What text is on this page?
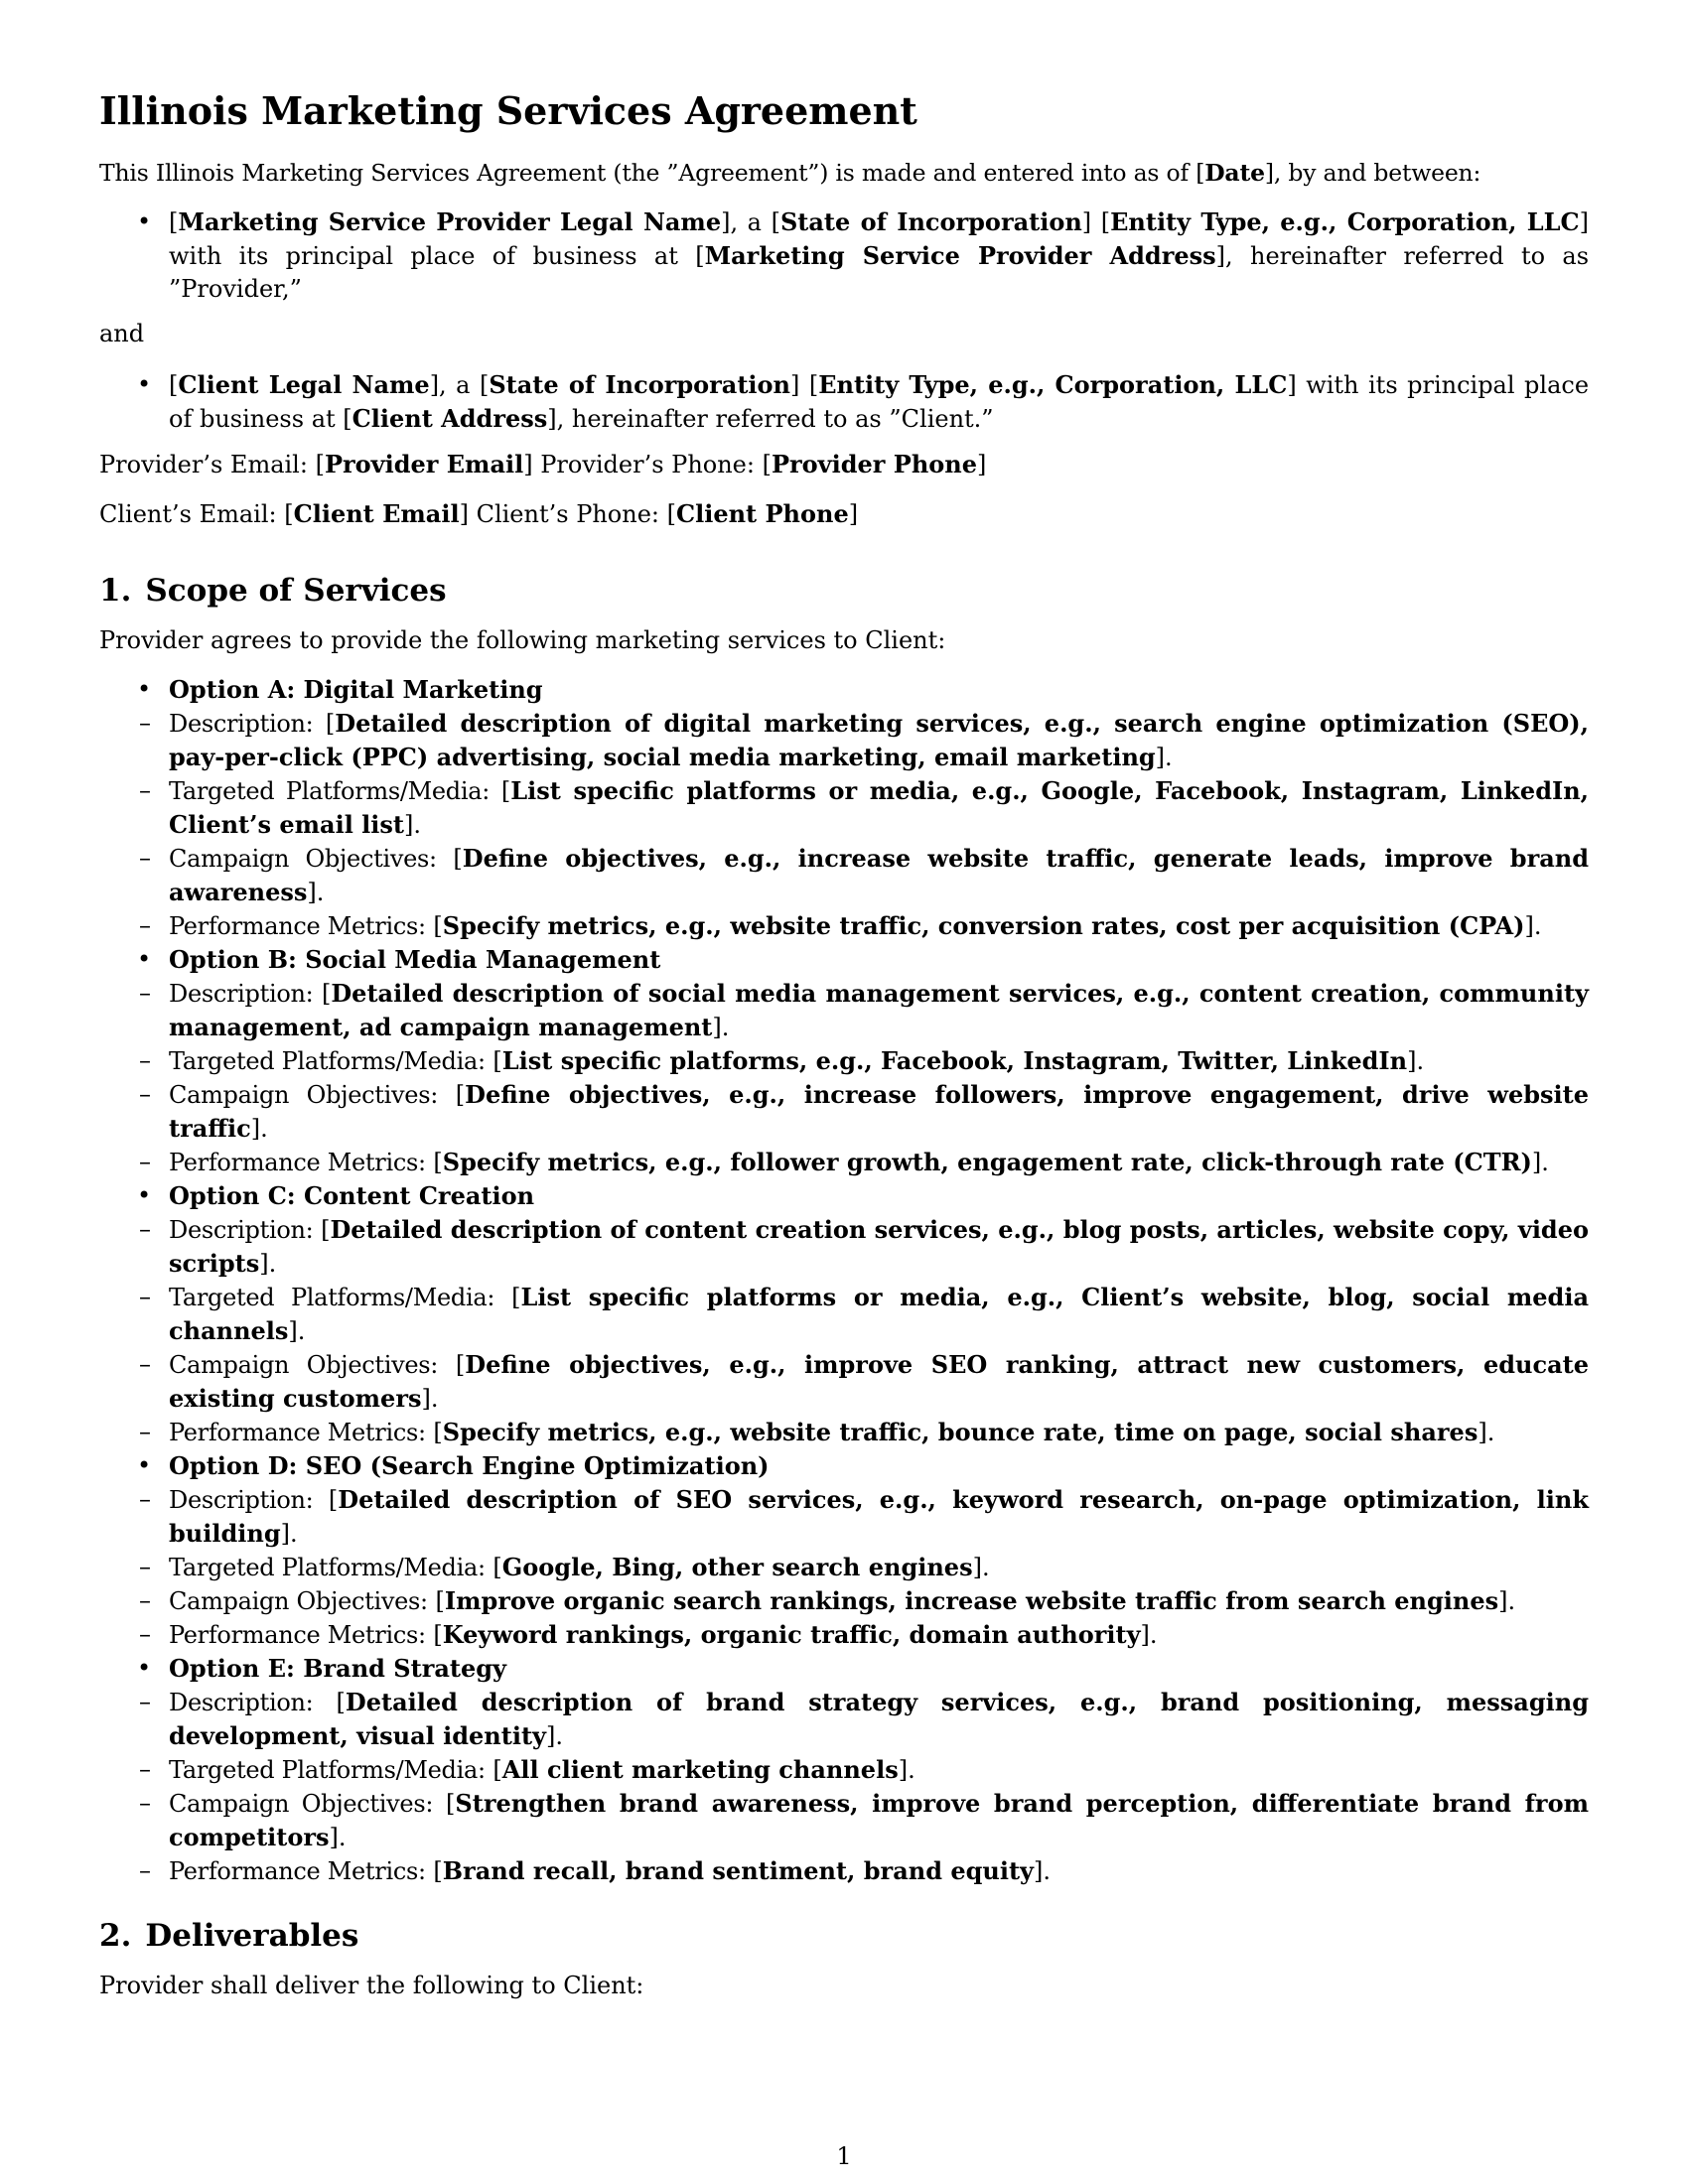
Illinois Marketing Services Agreement

This Illinois Marketing Services Agreement (the ”Agreement”) is made and entered into as of [Date], by and between:

• [Marketing Service Provider Legal Name], a [State of Incorporation] [Entity Type, e.g., Corporation, LLC] with its principal place of business at [Marketing Service Provider Address], hereinafter referred to as ”Provider,”

and

• [Client Legal Name], a [State of Incorporation] [Entity Type, e.g., Corporation, LLC] with its principal place of business at [Client Address], hereinafter referred to as ”Client.”

Provider’s Email: [Provider Email] Provider’s Phone: [Provider Phone]

Client’s Email: [Client Email] Client’s Phone: [Client Phone]

1. Scope of Services

Provider agrees to provide the following marketing services to Client:

• Option A: Digital Marketing
– Description: [Detailed description of digital marketing services, e.g., search engine optimization (SEO), pay-per-click (PPC) advertising, social media marketing, email marketing].
– Targeted Platforms/Media: [List specific platforms or media, e.g., Google, Facebook, Instagram, LinkedIn, Client’s email list].
– Campaign Objectives: [Define objectives, e.g., increase website traffic, generate leads, improve brand awareness].
– Performance Metrics: [Specify metrics, e.g., website traffic, conversion rates, cost per acquisition (CPA)].
• Option B: Social Media Management
– Description: [Detailed description of social media management services, e.g., content creation, community management, ad campaign management].
– Targeted Platforms/Media: [List specific platforms, e.g., Facebook, Instagram, Twitter, LinkedIn].
– Campaign Objectives: [Define objectives, e.g., increase followers, improve engagement, drive website traffic].
– Performance Metrics: [Specify metrics, e.g., follower growth, engagement rate, click-through rate (CTR)].
• Option C: Content Creation
– Description: [Detailed description of content creation services, e.g., blog posts, articles, website copy, video scripts].
– Targeted Platforms/Media: [List specific platforms or media, e.g., Client’s website, blog, social media channels].
– Campaign Objectives: [Define objectives, e.g., improve SEO ranking, attract new customers, educate existing customers].
– Performance Metrics: [Specify metrics, e.g., website traffic, bounce rate, time on page, social shares].
• Option D: SEO (Search Engine Optimization)
– Description: [Detailed description of SEO services, e.g., keyword research, on-page optimization, link building].
– Targeted Platforms/Media: [Google, Bing, other search engines].
– Campaign Objectives: [Improve organic search rankings, increase website traffic from search engines].
– Performance Metrics: [Keyword rankings, organic traffic, domain authority].
• Option E: Brand Strategy
– Description: [Detailed description of brand strategy services, e.g., brand positioning, messaging development, visual identity].
– Targeted Platforms/Media: [All client marketing channels].
– Campaign Objectives: [Strengthen brand awareness, improve brand perception, differentiate brand from competitors].
– Performance Metrics: [Brand recall, brand sentiment, brand equity].
2. Deliverables

Provider shall deliver the following to Client:

1
